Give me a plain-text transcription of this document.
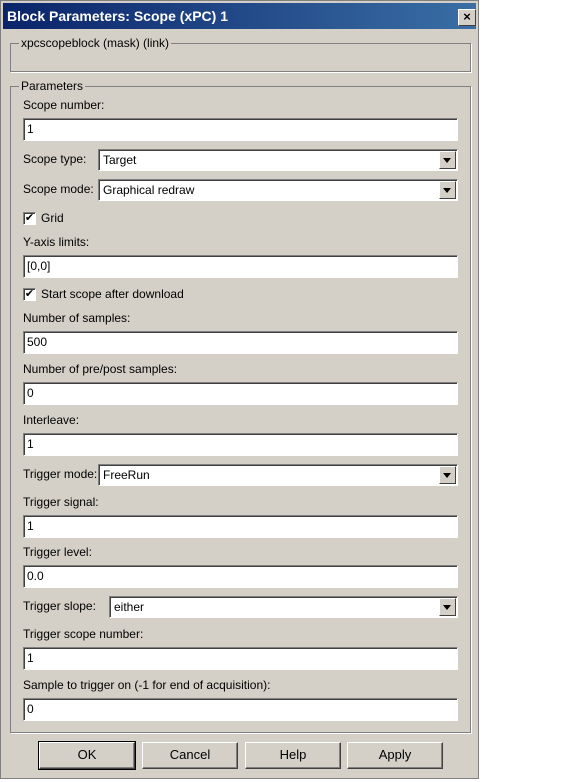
Block Parameters: Scope (xPC) 1	×
xpcscopeblock (mask) (link)
Parameters
Scope number:
1
Scope type: Target
Scope mode: Graphical redraw
✔ Grid
Y-axis limits:
[0,0]
✔ Start scope after download
Number of samples:
500
Number of pre/post samples:
0
Interleave:
1
Trigger mode: FreeRun
Trigger signal:
1
Trigger level:
0.0
Trigger slope: either
Trigger scope number:
1
Sample to trigger on (-1 for end of acquisition):
0
OK	Cancel	Help	Apply
